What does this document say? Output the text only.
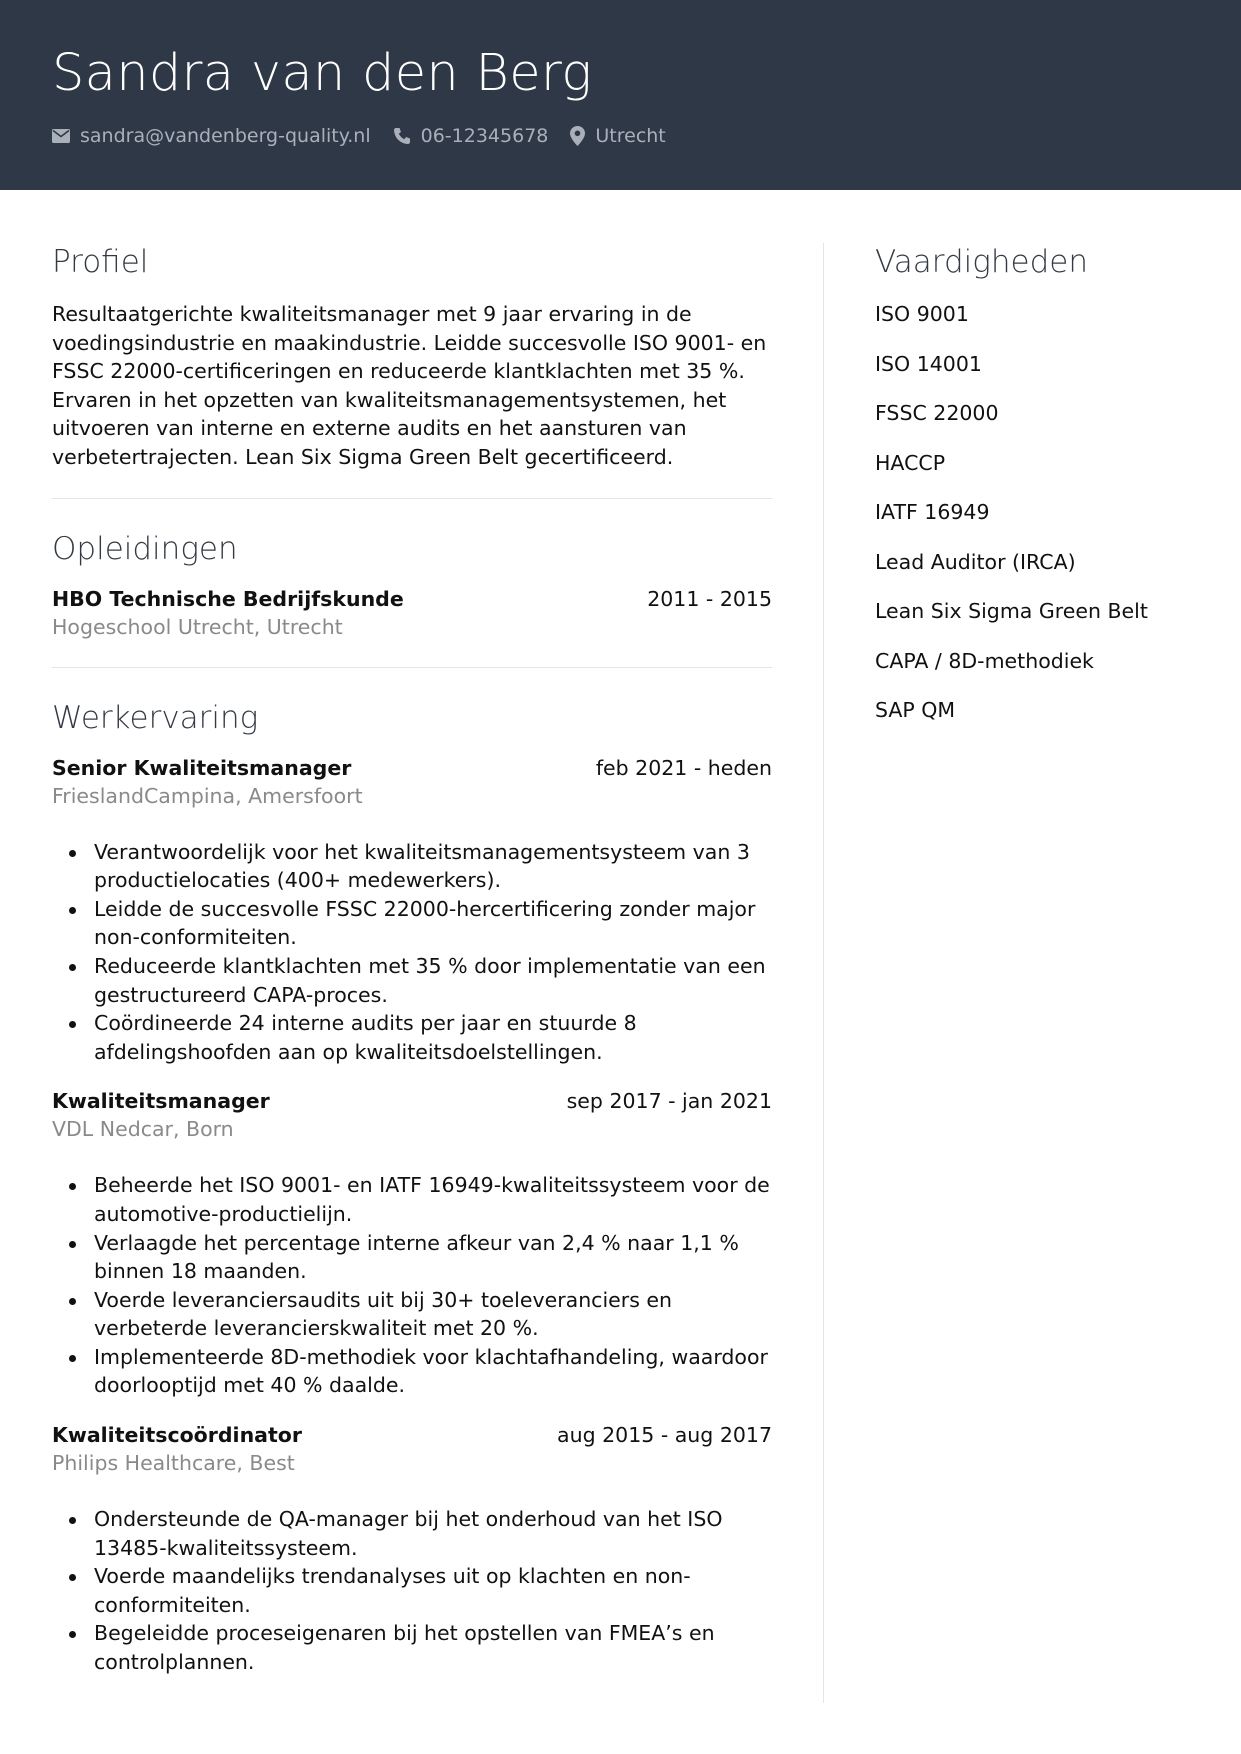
Sandra van den Berg
sandra@vandenberg-quality.nl	06-12345678 Utrecht
Profiel

Resultaatgerichte kwaliteitsmanager met 9 jaar ervaring in de voedingsindustrie en maakindustrie. Leidde succesvolle ISO 9001- en FSSC 22000-certificeringen en reduceerde klantklachten met 35 %. Ervaren in het opzetten van kwaliteitsmanagementsystemen, het uitvoeren van interne en externe audits en het aansturen van verbetertrajecten. Lean Six Sigma Green Belt gecertificeerd.

Opleidingen
HBO Technische Bedrijfskunde	2011 - 2015
Hogeschool Utrecht, Utrecht
Werkervaring
Senior Kwaliteitsmanager	feb 2021 - heden
FrieslandCampina, Amersfoort
Verantwoordelijk voor het kwaliteitsmanagementsysteem van 3 productielocaties (400+ medewerkers).
Leidde de succesvolle FSSC 22000-hercertificering zonder major non-conformiteiten.
Reduceerde klantklachten met 35 % door implementatie van een gestructureerd CAPA-proces.
Coördineerde 24 interne audits per jaar en stuurde 8 afdelingshoofden aan op kwaliteitsdoelstellingen.
Kwaliteitsmanager	sep 2017 - jan 2021
VDL Nedcar, Born
Beheerde het ISO 9001- en IATF 16949-kwaliteitssysteem voor de automotive-productielijn.
Verlaagde het percentage interne afkeur van 2,4 % naar 1,1 % binnen 18 maanden.
Voerde leveranciersaudits uit bij 30+ toeleveranciers en verbeterde leverancierskwaliteit met 20 %.
Implementeerde 8D-methodiek voor klachtafhandeling, waardoor doorlooptijd met 40 % daalde.
Kwaliteitscoördinator	aug 2015 - aug 2017
Philips Healthcare, Best
Ondersteunde de QA-manager bij het onderhoud van het ISO 13485-kwaliteitssysteem.
Voerde maandelijks trendanalyses uit op klachten en non-conformiteiten.
Begeleidde proceseigenaren bij het opstellen van FMEA’s en controlplannen.
Vaardigheden
ISO 9001
ISO 14001
FSSC 22000
HACCP
IATF 16949
Lead Auditor (IRCA)
Lean Six Sigma Green Belt
CAPA / 8D-methodiek
SAP QM
